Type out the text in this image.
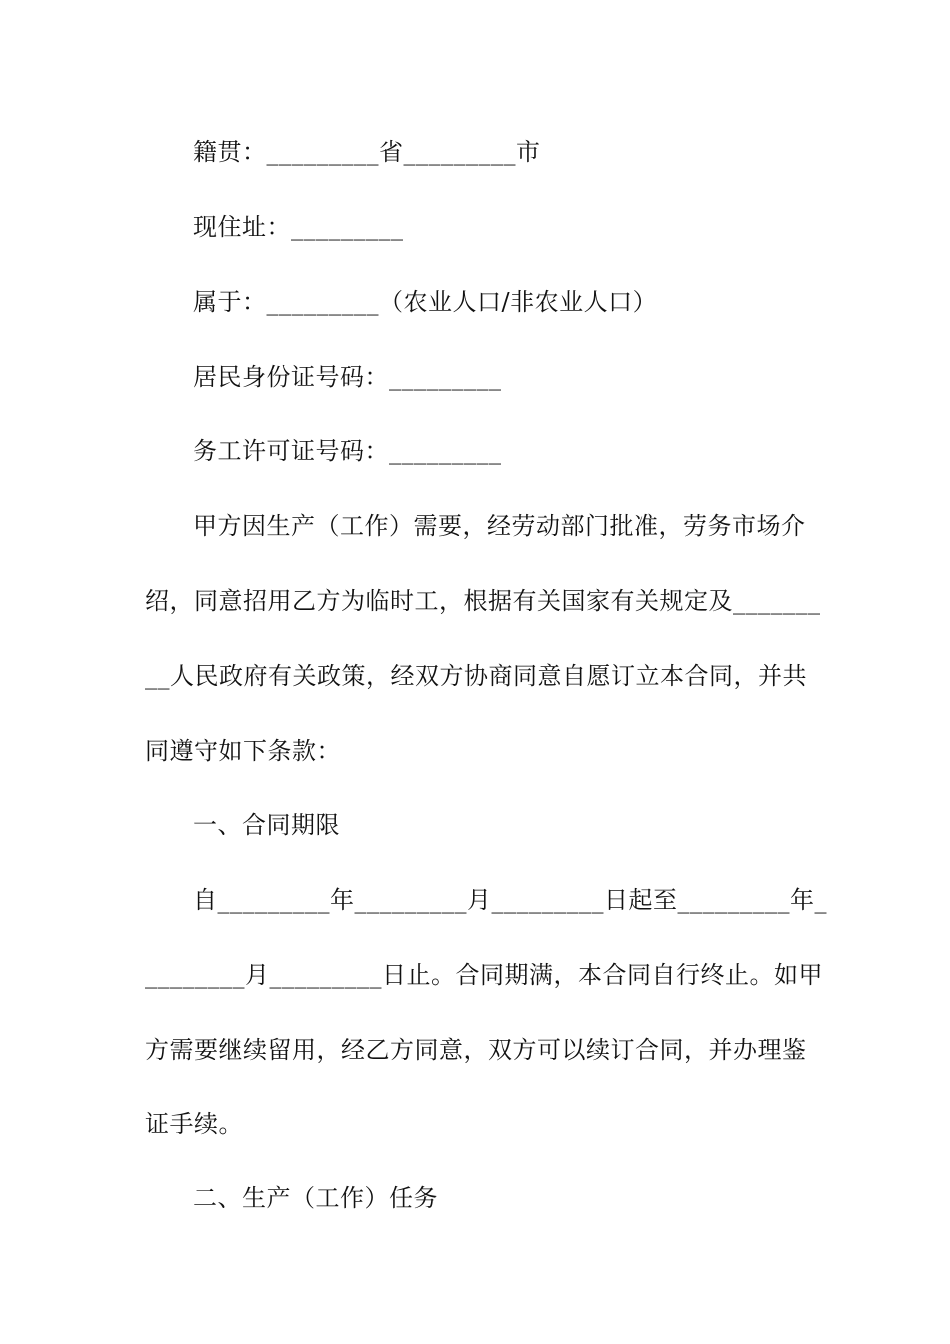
籍贯：_________省_________市
现住址：_________
属于：_________（农业人口/非农业人口）
居民身份证号码：_________
务工许可证号码：_________
甲方因生产（工作）需要，经劳动部门批准，劳务市场介
绍，同意招用乙方为临时工，根据有关国家有关规定及_______
__人民政府有关政策，经双方协商同意自愿订立本合同，并共
同遵守如下条款：
一、合同期限
自_________年_________月_________日起至_________年_
________月_________日止。合同期满，本合同自行终止。如甲
方需要继续留用，经乙方同意，双方可以续订合同，并办理鉴
证手续。
二、生产（工作）任务
